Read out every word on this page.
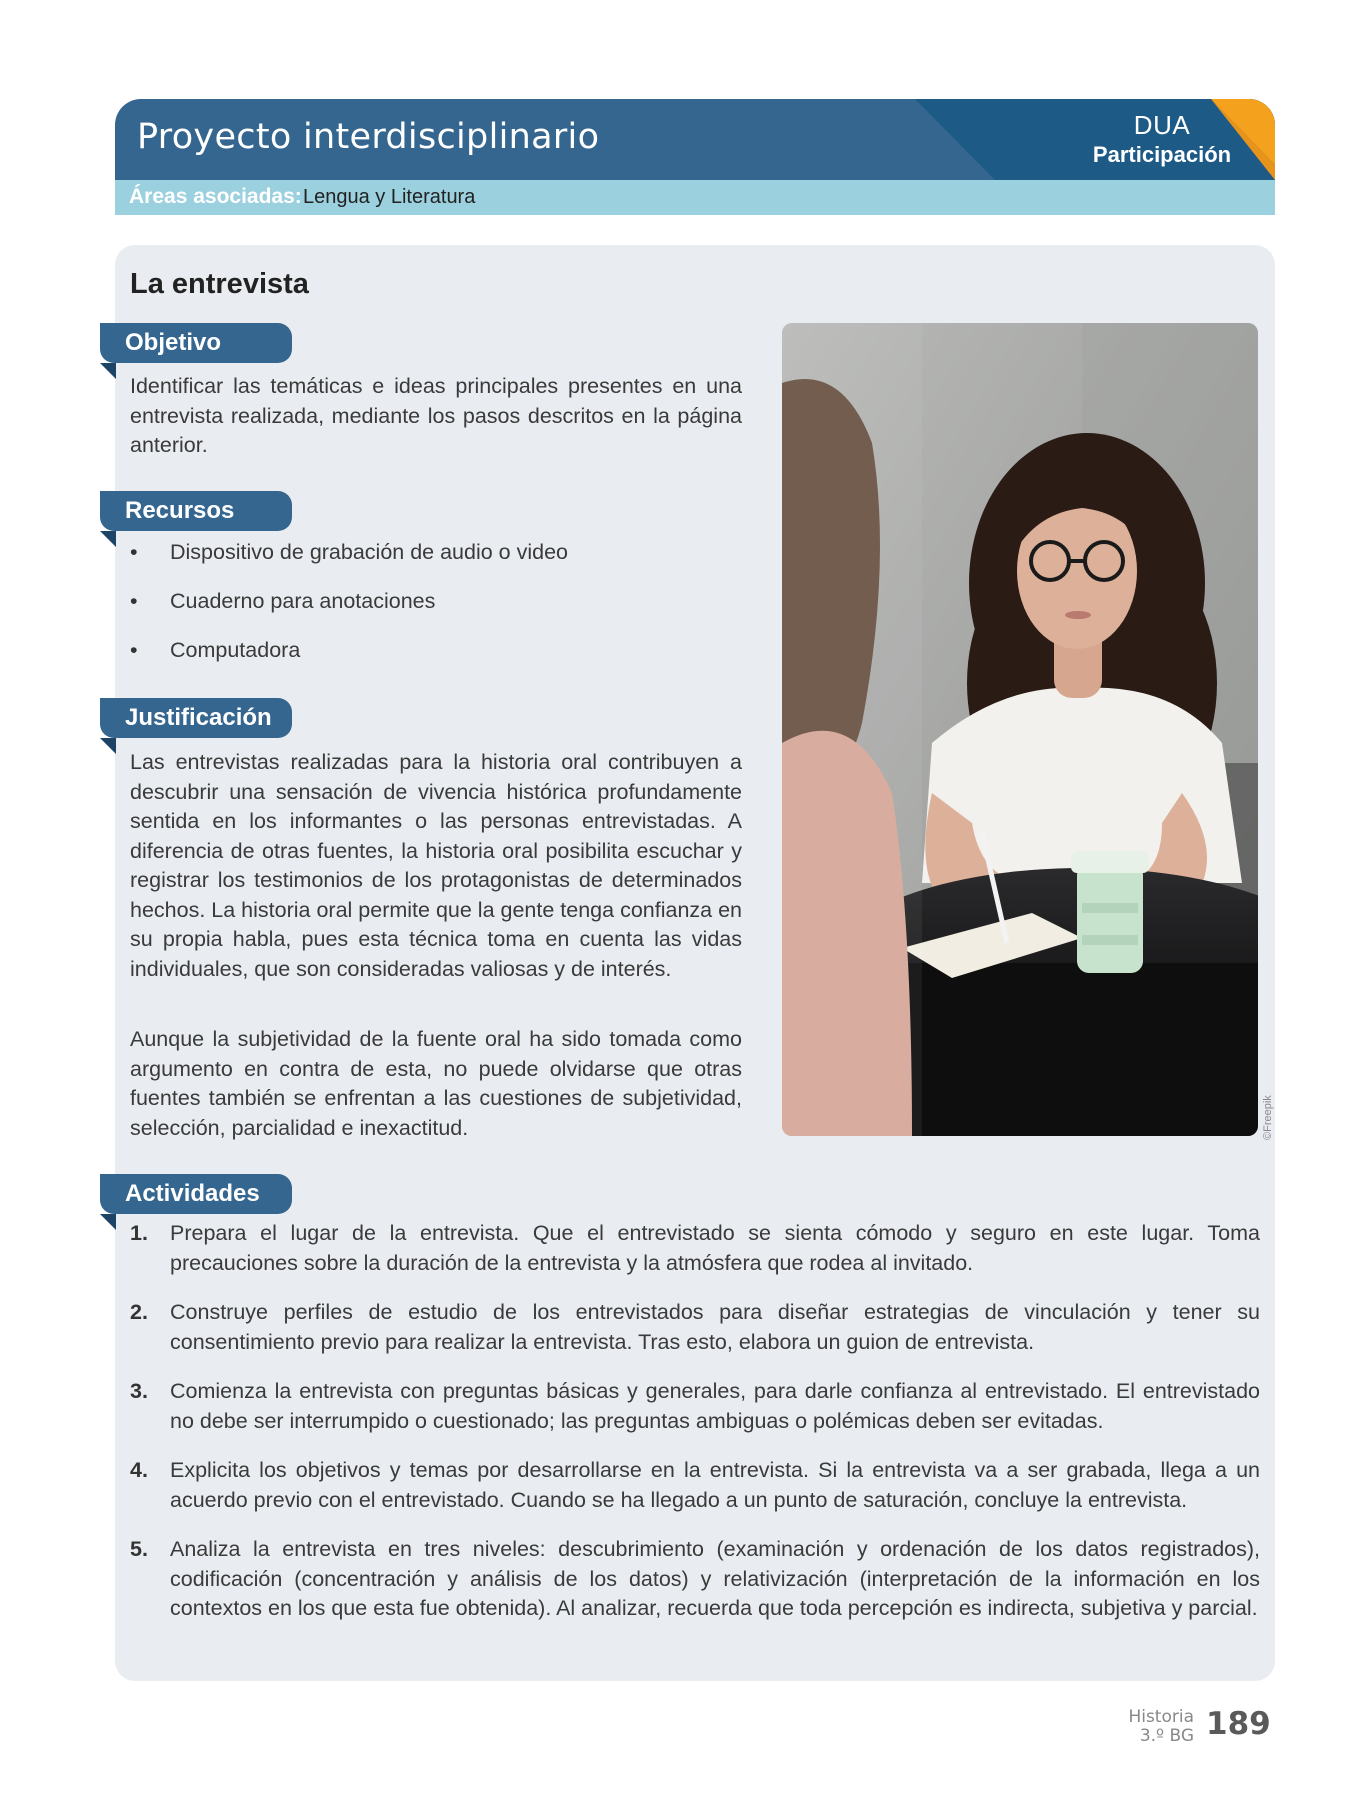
Proyecto interdisciplinario	DUA
Participación
Áreas asociadas: Lengua y Literatura
La entrevista
Objetivo
Identificar las temáticas e ideas principales presentes en una entrevista realizada, mediante los pasos descritos en la página anterior.
Recursos
• Dispositivo de grabación de audio o video
• Cuaderno para anotaciones
• Computadora
Justificación
Las entrevistas realizadas para la historia oral contribuyen a descubrir una sensación de vivencia histórica profundamente sentida en los informantes o las personas entrevistadas. A diferencia de otras fuentes, la historia oral posibilita escuchar y registrar los testimonios de los protagonistas de determinados hechos. La historia oral permite que la gente tenga confianza en su propia habla, pues esta técnica toma en cuenta las vidas individuales, que son consideradas valiosas y de interés.
Aunque la subjetividad de la fuente oral ha sido tomada como argumento en contra de esta, no puede olvidarse que otras fuentes también se enfrentan a las cuestiones de subjetividad, selección, parcialidad e inexactitud.	©Freepik
Actividades
1. Prepara el lugar de la entrevista. Que el entrevistado se sienta cómodo y seguro en este lugar. Toma precauciones sobre la duración de la entrevista y la atmósfera que rodea al invitado.
2. Construye perfiles de estudio de los entrevistados para diseñar estrategias de vinculación y tener su consentimiento previo para realizar la entrevista. Tras esto, elabora un guion de entrevista.
3. Comienza la entrevista con preguntas básicas y generales, para darle confianza al entrevistado. El entrevistado no debe ser interrumpido o cuestionado; las preguntas ambiguas o polémicas deben ser evitadas.
4. Explicita los objetivos y temas por desarrollarse en la entrevista. Si la entrevista va a ser grabada, llega a un acuerdo previo con el entrevistado. Cuando se ha llegado a un punto de saturación, concluye la entrevista.
5. Analiza la entrevista en tres niveles: descubrimiento (examinación y ordenación de los datos registrados), codificación (concentración y análisis de los datos) y relativización (interpretación de la información en los contextos en los que esta fue obtenida). Al analizar, recuerda que toda percepción es indirecta, subjetiva y parcial.
Historia
3.º BG 189
